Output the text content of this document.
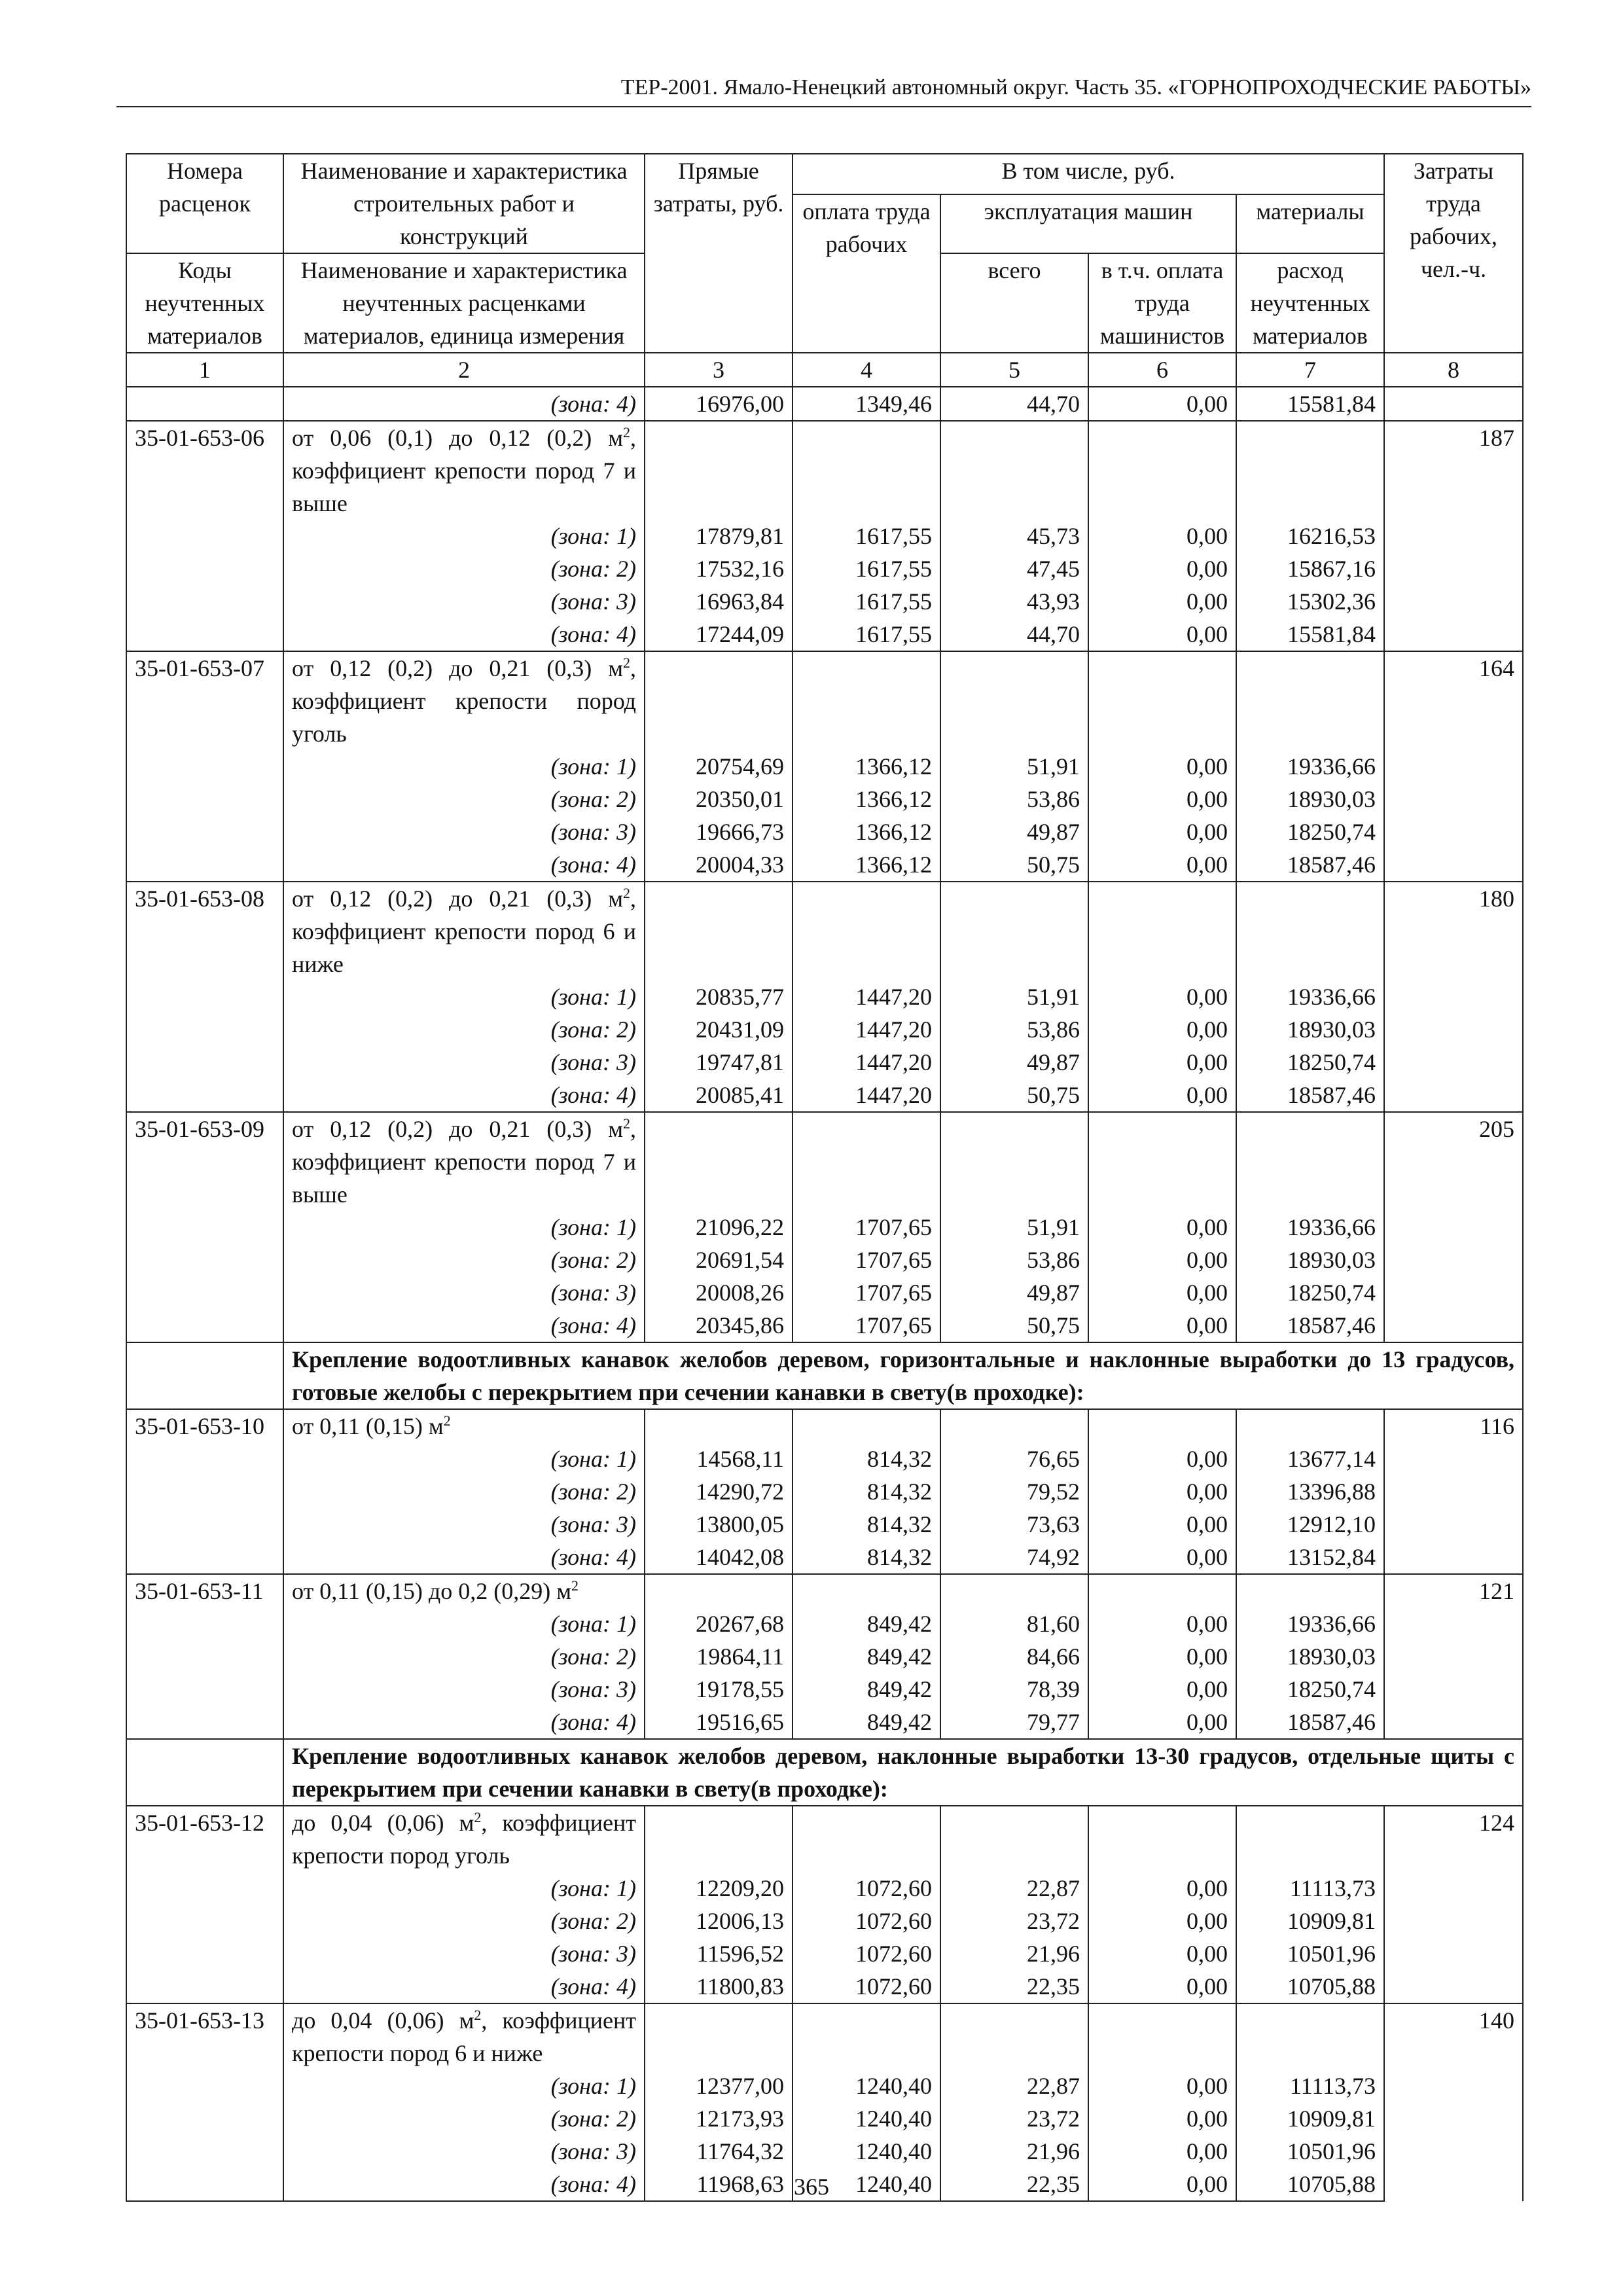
ТЕР-2001. Ямало-Ненецкий автономный округ. Часть 35. «ГОРНОПРОХОДЧЕСКИЕ РАБОТЫ»
Номера расценок	Наименование и характеристика строительных работ и конструкций	Прямые затраты, руб.	В том числе, руб.				Затраты труда рабочих, чел.-ч.
			оплата труда рабочих	эксплуатация машин		материалы	
Коды неучтенных материалов	Наименование и характеристика неучтенных расценками материалов, единица измерения			всего	в т.ч. оплата труда машинистов	расход неучтенных материалов	
1	2	3	4	5	6	7	8
	(зона: 4)	16976,00	1349,46	44,70	0,00	15581,84	
35-01-653-06	от 0,06 (0,1) до 0,12 (0,2) $м^2$, коэффициент крепости пород 7 и выше						187
	(зона: 1)	17879,81	1617,55	45,73	0,00	16216,53	
	(зона: 2)	17532,16	1617,55	47,45	0,00	15867,16	
	(зона: 3)	16963,84	1617,55	43,93	0,00	15302,36	
	(зона: 4)	17244,09	1617,55	44,70	0,00	15581,84	
35-01-653-07	от 0,12 (0,2) до 0,21 (0,3) $м^2$, коэффициент крепости пород уголь						164
	(зона: 1)	20754,69	1366,12	51,91	0,00	19336,66	
	(зона: 2)	20350,01	1366,12	53,86	0,00	18930,03	
	(зона: 3)	19666,73	1366,12	49,87	0,00	18250,74	
	(зона: 4)	20004,33	1366,12	50,75	0,00	18587,46	
35-01-653-08	от 0,12 (0,2) до 0,21 (0,3) $м^2$, коэффициент крепости пород 6 и ниже						180
	(зона: 1)	20835,77	1447,20	51,91	0,00	19336,66	
	(зона: 2)	20431,09	1447,20	53,86	0,00	18930,03	
	(зона: 3)	19747,81	1447,20	49,87	0,00	18250,74	
	(зона: 4)	20085,41	1447,20	50,75	0,00	18587,46	
35-01-653-09	от 0,12 (0,2) до 0,21 (0,3) $м^2$, коэффициент крепости пород 7 и выше						205
	(зона: 1)	21096,22	1707,65	51,91	0,00	19336,66	
	(зона: 2)	20691,54	1707,65	53,86	0,00	18930,03	
	(зона: 3)	20008,26	1707,65	49,87	0,00	18250,74	
	(зона: 4)	20345,86	1707,65	50,75	0,00	18587,46	
	Крепление водоотливных канавок желобов деревом, горизонтальные и наклонные выработки до 13 градусов, готовые желобы с перекрытием при сечении канавки в свету(в проходке):						
35-01-653-10	от 0,11 (0,15) $м^2$						116
	(зона: 1)	14568,11	814,32	76,65	0,00	13677,14	
	(зона: 2)	14290,72	814,32	79,52	0,00	13396,88	
	(зона: 3)	13800,05	814,32	73,63	0,00	12912,10	
	(зона: 4)	14042,08	814,32	74,92	0,00	13152,84	
35-01-653-11	от 0,11 (0,15) до 0,2 (0,29) $м^2$						121
	(зона: 1)	20267,68	849,42	81,60	0,00	19336,66	
	(зона: 2)	19864,11	849,42	84,66	0,00	18930,03	
	(зона: 3)	19178,55	849,42	78,39	0,00	18250,74	
	(зона: 4)	19516,65	849,42	79,77	0,00	18587,46	
	Крепление водоотливных канавок желобов деревом, наклонные выработки 13-30 градусов, отдельные щиты с перекрытием при сечении канавки в свету(в проходке):						
35-01-653-12	до 0,04 (0,06) $м^2$, коэффициент крепости пород уголь						124
	(зона: 1)	12209,20	1072,60	22,87	0,00	11113,73	
	(зона: 2)	12006,13	1072,60	23,72	0,00	10909,81	
	(зона: 3)	11596,52	1072,60	21,96	0,00	10501,96	
	(зона: 4)	11800,83	1072,60	22,35	0,00	10705,88	
35-01-653-13	до 0,04 (0,06) $м^2$, коэффициент крепости пород 6 и ниже						140
	(зона: 1)	12377,00	1240,40	22,87	0,00	11113,73	
	(зона: 2)	12173,93	1240,40	23,72	0,00	10909,81	
	(зона: 3)	11764,32	1240,40	21,96	0,00	10501,96	
	(зона: 4)	11968,63	1240,40	22,35	0,00	10705,88	
365
